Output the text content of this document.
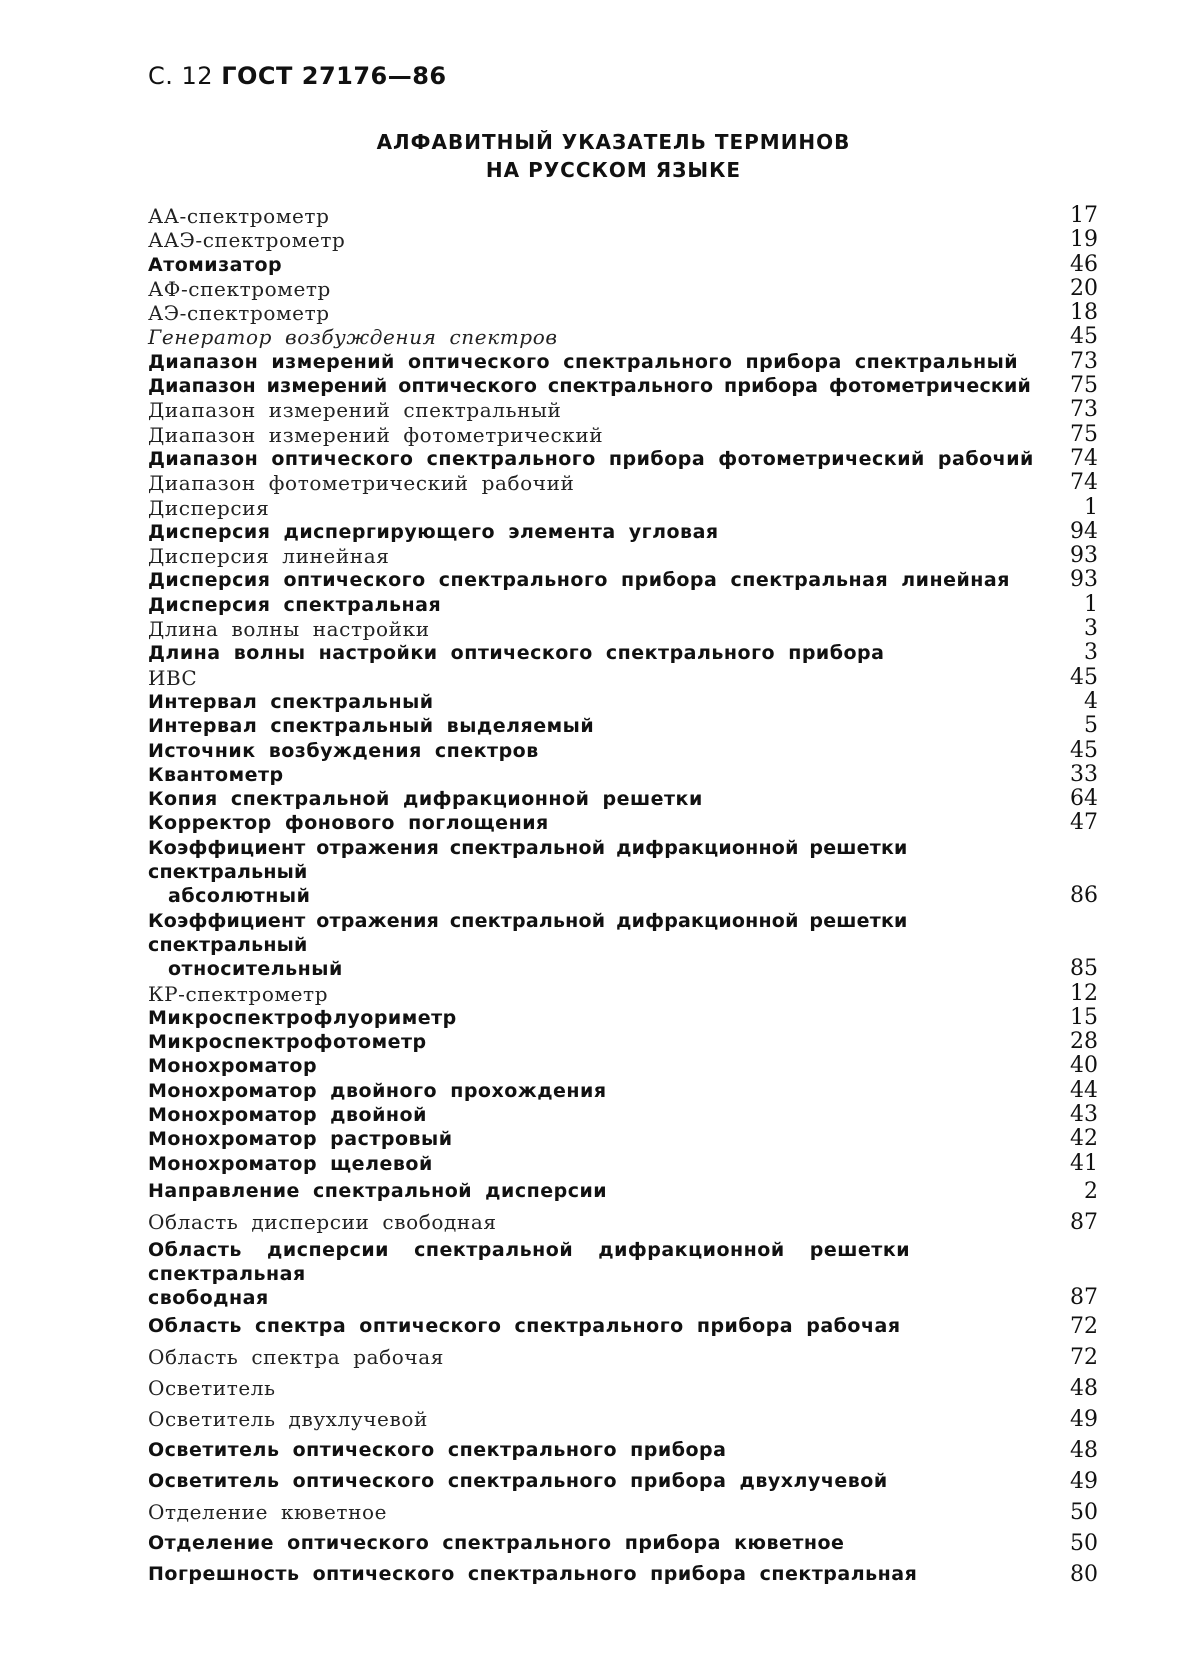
С. 12 ГОСТ 27176—86
АЛФАВИТНЫЙ УКАЗАТЕЛЬ ТЕРМИНОВ
НА РУССКОМ ЯЗЫКЕ
АА-спектрометр	17
ААЭ-спектрометр	19
Атомизатор	46
АФ-спектрометр	20
АЭ-спектрометр	18
Генератор возбуждения спектров	45
Диапазон измерений оптического спектрального прибора спектральный	73
Диапазон измерений оптического спектрального прибора фотометрический	75
Диапазон измерений спектральный	73
Диапазон измерений фотометрический	75
Диапазон оптического спектрального прибора фотометрический рабочий 74
Диапазон фотометрический рабочий	74
Дисперсия	1
Дисперсия диспергирующего элемента угловая	94
Дисперсия линейная	93
Дисперсия оптического спектрального прибора спектральная линейная	93
Дисперсия спектральная	1
Длина волны настройки	3
Длина волны настройки оптического спектрального прибора	3
ИВС	45
Интервал спектральный	4
Интервал спектральный выделяемый	5
Источник возбуждения спектров	45
Квантометр	33
Копия спектральной дифракционной решетки	64
Корректор фонового поглощения	47
Коэффициент отражения спектральной дифракционной решетки спектральный
абсолютный	86
Коэффициент отражения спектральной дифракционной решетки спектральный
относительный	85
КР-спектрометр	12
Микроспектрофлуориметр	15
Микроспектрофотометр	28
Монохроматор	40
Монохроматор двойного прохождения	44
Монохроматор двойной	43
Монохроматор растровый	42
Монохроматор щелевой	41
Направление спектральной дисперсии	2
Область дисперсии свободная	87
Область дисперсии спектральной дифракционной решетки спектральная
свободная	87
Область спектра оптического спектрального прибора рабочая	72
Область спектра рабочая	72
Осветитель	48
Осветитель двухлучевой	49
Осветитель оптического спектрального прибора	48
Осветитель оптического спектрального прибора двухлучевой	49
Отделение кюветное	50
Отделение оптического спектрального прибора кюветное	50
Погрешность оптического спектрального прибора спектральная	80
